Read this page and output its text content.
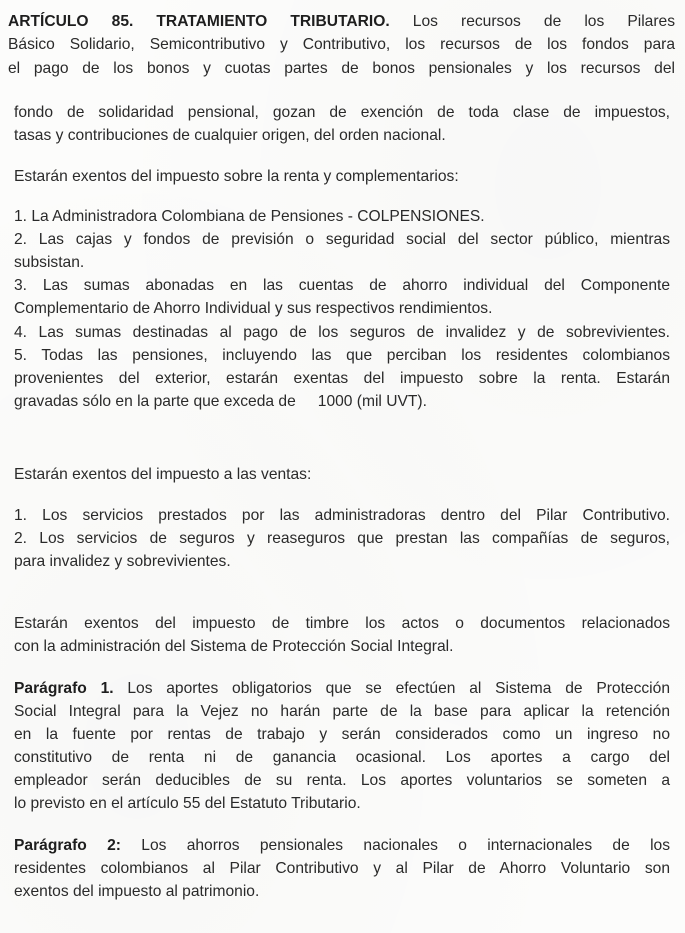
ARTÍCULO 85. TRATAMIENTO TRIBUTARIO. Los recursos de los Pilares
Básico Solidario, Semicontributivo y Contributivo, los recursos de los fondos para
el pago de los bonos y cuotas partes de bonos pensionales y los recursos del
fondo de solidaridad pensional, gozan de exención de toda clase de impuestos,
tasas y contribuciones de cualquier origen, del orden nacional.
Estarán exentos del impuesto sobre la renta y complementarios:
1. La Administradora Colombiana de Pensiones - COLPENSIONES.
2. Las cajas y fondos de previsión o seguridad social del sector público, mientras
subsistan.
3. Las sumas abonadas en las cuentas de ahorro individual del Componente
Complementario de Ahorro Individual y sus respectivos rendimientos.
4. Las sumas destinadas al pago de los seguros de invalidez y de sobrevivientes.
5. Todas las pensiones, incluyendo las que perciban los residentes colombianos
provenientes del exterior, estarán exentas del impuesto sobre la renta. Estarán
gravadas sólo en la parte que exceda de 1000 (mil UVT).
Estarán exentos del impuesto a las ventas:
1. Los servicios prestados por las administradoras dentro del Pilar Contributivo.
2. Los servicios de seguros y reaseguros que prestan las compañías de seguros,
para invalidez y sobrevivientes.
Estarán exentos del impuesto de timbre los actos o documentos relacionados
con la administración del Sistema de Protección Social Integral.
Parágrafo 1. Los aportes obligatorios que se efectúen al Sistema de Protección
Social Integral para la Vejez no harán parte de la base para aplicar la retención
en la fuente por rentas de trabajo y serán considerados como un ingreso no
constitutivo de renta ni de ganancia ocasional. Los aportes a cargo del
empleador serán deducibles de su renta. Los aportes voluntarios se someten a
lo previsto en el artículo 55 del Estatuto Tributario.
Parágrafo 2: Los ahorros pensionales nacionales o internacionales de los
residentes colombianos al Pilar Contributivo y al Pilar de Ahorro Voluntario son
exentos del impuesto al patrimonio.
